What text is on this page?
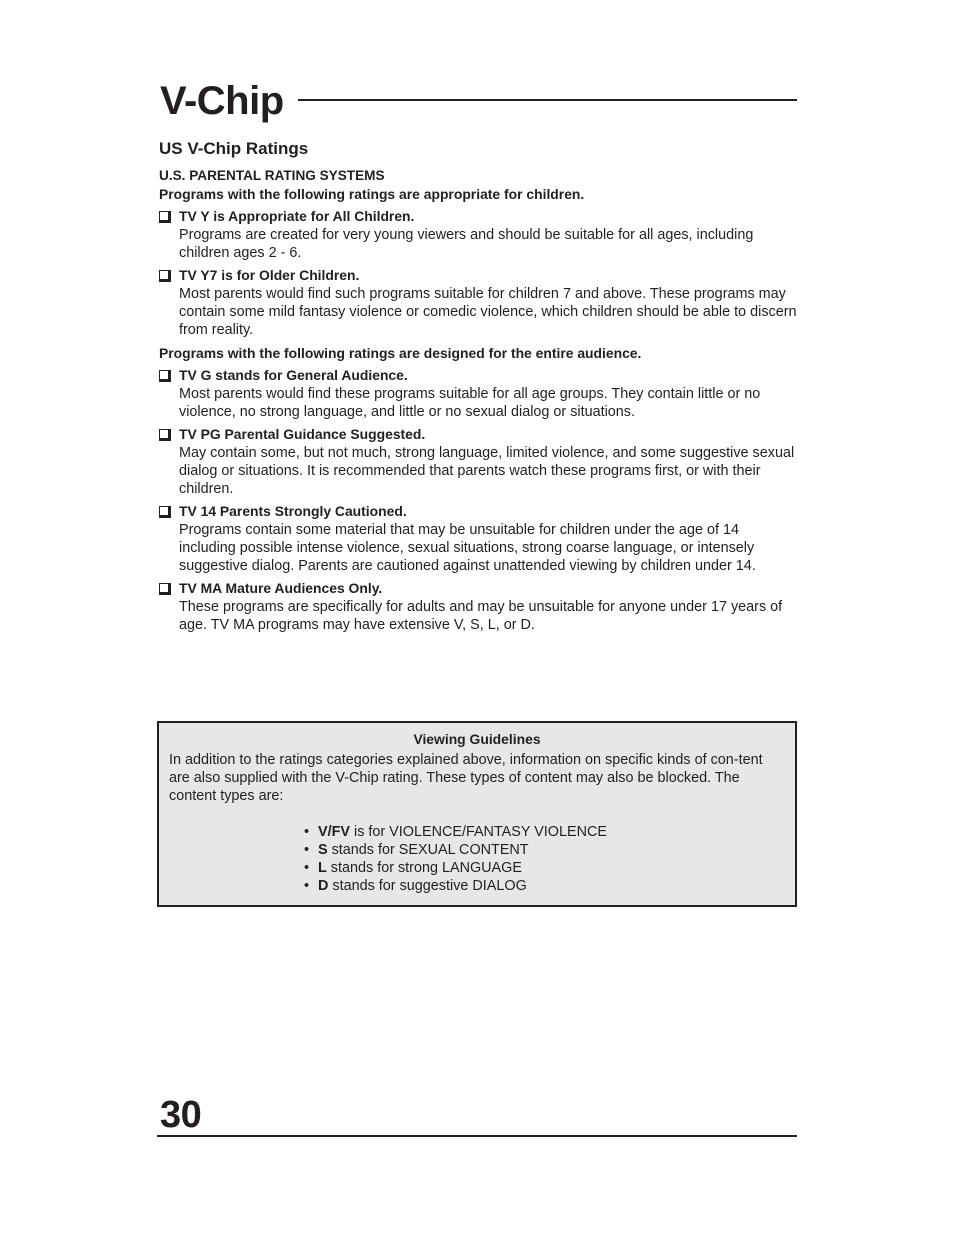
V-Chip
US V-Chip Ratings
U.S. PARENTAL RATING SYSTEMS
Programs with the following ratings are appropriate for children.
TV Y is Appropriate for All Children.
Programs are created for very young viewers and should be suitable for all ages, including children ages 2 - 6.
TV Y7 is for Older Children.
Most parents would find such programs suitable for children 7 and above. These programs may contain some mild fantasy violence or comedic violence, which children should be able to discern from reality.
Programs with the following ratings are designed for the entire audience.
TV G stands for General Audience.
Most parents would find these programs suitable for all age groups. They contain little or no violence, no strong language, and little or no sexual dialog or situations.
TV PG Parental Guidance Suggested.
May contain some, but not much, strong language, limited violence, and some suggestive sexual dialog or situations. It is recommended that parents watch these programs first, or with their children.
TV 14 Parents Strongly Cautioned.
Programs contain some material that may be unsuitable for children under the age of 14 including possible intense violence, sexual situations, strong coarse language, or intensely suggestive dialog. Parents are cautioned against unattended viewing by children under 14.
TV MA Mature Audiences Only.
These programs are specifically for adults and may be unsuitable for anyone under 17 years of age. TV MA programs may have extensive V, S, L, or D.
Viewing Guidelines
In addition to the ratings categories explained above, information on specific kinds of con-tent are also supplied with the V-Chip rating. These types of content may also be blocked. The content types are:
• V/FV is for VIOLENCE/FANTASY VIOLENCE
• S stands for SEXUAL CONTENT
• L stands for strong LANGUAGE
• D stands for suggestive DIALOG
30
